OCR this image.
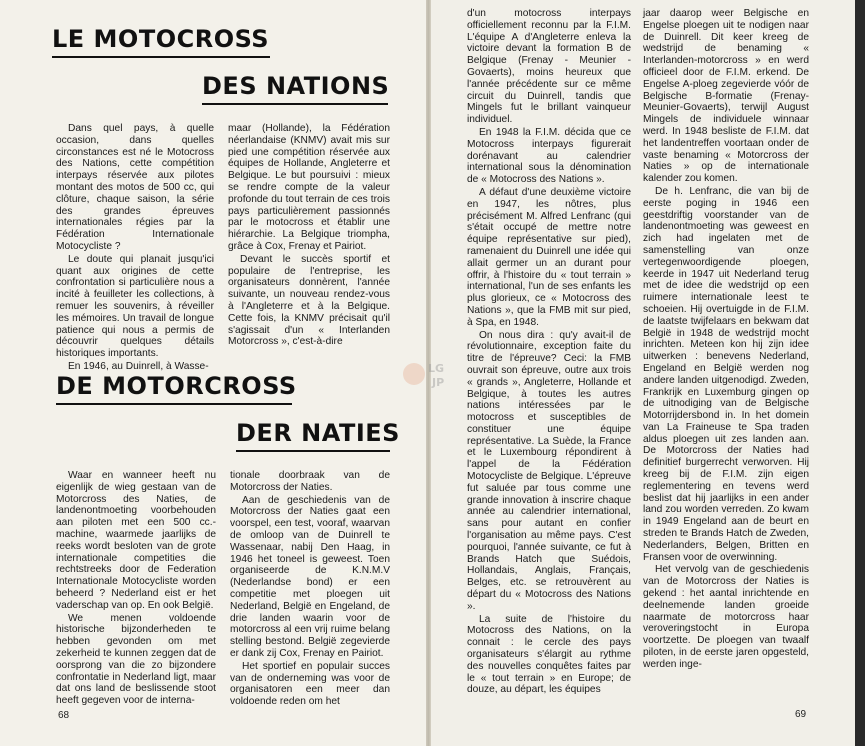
LE MOTOCROSS
DES NATIONS

Dans quel pays, à quelle occasion, dans quelles circonstances est né le Motocross des Nations, cette compétition interpays réservée aux pilotes montant des motos de 500 cc, qui clôture, chaque saison, la série des grandes épreuves internationales régies par la Fédération Internationale Motocycliste ?

Le doute qui planait jusqu'ici quant aux origines de cette confrontation si particulière nous a incité à feuilleter les collections, à remuer les souvenirs, à réveiller les mémoires. Un travail de longue patience qui nous a permis de découvrir quelques détails historiques importants.

En 1946, au Duinrell, à Wasse-

maar (Hollande), la Fédération néerlandaise (KNMV) avait mis sur pied une compétition réservée aux équipes de Hollande, Angleterre et Belgique. Le but poursuivi : mieux se rendre compte de la valeur profonde du tout terrain de ces trois pays particulièrement passionnés par le motocross et établir une hiérarchie. La Belgique triompha, grâce à Cox, Frenay et Pairiot.

Devant le succès sportif et populaire de l'entreprise, les organisateurs donnèrent, l'année suivante, un nouveau rendez-vous à l'Angleterre et à la Belgique. Cette fois, la KNMV précisait qu'il s'agissait d'un « Interlanden Motorcross », c'est-à-dire

DE MOTORCROSS
DER NATIES

Waar en wanneer heeft nu eigenlijk de wieg gestaan van de Motorcross des Naties, de landenontmoeting voorbehouden aan piloten met een 500 cc.-machine, waarmede jaarlijks de reeks wordt besloten van de grote internationale competities die rechtstreeks door de Federation Internationale Motocycliste worden beheerd ? Nederland eist er het vaderschap van op. En ook België.

We menen voldoende historische bijzonderheden te hebben gevonden om met zekerheid te kunnen zeggen dat de oorsprong van die zo bijzondere confrontatie in Nederland ligt, maar dat ons land de beslissende stoot heeft gegeven voor de interna-

tionale doorbraak van de Motorcross der Naties.

Aan de geschiedenis van de Motorcross der Naties gaat een voorspel, een test, vooraf, waarvan de omloop van de Duinrell te Wassenaar, nabij Den Haag, in 1946 het toneel is geweest. Toen organiseerde de K.N.M.V (Nederlandse bond) er een competitie met ploegen uit Nederland, België en Engeland, de drie landen waarin voor de motorcross al een vrij ruime belang stelling bestond. België zegevierde er dank zij Cox, Frenay en Pairiot.

Het sportief en populair succes van de onderneming was voor de organisatoren een meer dan voldoende reden om het

68

d'un motocross interpays officiellement reconnu par la F.I.M. L'équipe A d'Angleterre enleva la victoire devant la formation B de Belgique (Frenay - Meunier - Govaerts), moins heureux que l'année précédente sur ce même circuit du Duinrell, tandis que Mingels fut le brillant vainqueur individuel.

En 1948 la F.I.M. décida que ce Motocross interpays figurerait dorénavant au calendrier international sous la dénomination de « Motocross des Nations ».

A défaut d'une deuxième victoire en 1947, les nôtres, plus précisément M. Alfred Lenfranc (qui s'était occupé de mettre notre équipe représentative sur pied), ramenaient du Duinrell une idée qui allait germer un an durant pour offrir, à l'histoire du « tout terrain » international, l'un de ses enfants les plus glorieux, ce « Motocross des Nations », que la FMB mit sur pied, à Spa, en 1948.

On nous dira : qu'y avait-il de révolutionnaire, exception faite du titre de l'épreuve? Ceci: la FMB ouvrait son épreuve, outre aux trois « grands », Angleterre, Hollande et Belgique, à toutes les autres nations intéressées par le motocross et susceptibles de constituer une équipe représentative. La Suède, la France et le Luxembourg répondirent à l'appel de la Fédération Motocycliste de Belgique. L'épreuve fut saluée par tous comme une grande innovation à inscrire chaque année au calendrier international, sans pour autant en confier l'organisation au même pays. C'est pourquoi, l'année suivante, ce fut à Brands Hatch que Suédois, Hollandais, Anglais, Français, Belges, etc. se retrouvèrent au départ du « Motocross des Nations ».

La suite de l'histoire du Motocross des Nations, on la connait : le cercle des pays organisateurs s'élargit au rythme des nouvelles conquêtes faites par le « tout terrain » en Europe; de douze, au départ, les équipes

jaar daarop weer Belgische en Engelse ploegen uit te nodigen naar de Duinrell. Dit keer kreeg de wedstrijd de benaming « Interlanden-motorcross » en werd officieel door de F.I.M. erkend. De Engelse A-ploeg zegevierde vóór de Belgische B-formatie (Frenay-Meunier-Govaerts), terwijl August Mingels de individuele winnaar werd. In 1948 besliste de F.I.M. dat het landentreffen voortaan onder de vaste benaming « Motorcross der Naties » op de internationale kalender zou komen.

De h. Lenfranc, die van bij de eerste poging in 1946 een geestdriftig voorstander van de landenontmoeting was geweest en zich had ingelaten met de samenstelling van onze vertegenwoordigende ploegen, keerde in 1947 uit Nederland terug met de idee die wedstrijd op een ruimere internationale leest te schoeien. Hij overtuigde in de F.I.M. de laatste twijfelaars en bekwam dat België in 1948 de wedstrijd mocht inrichten. Meteen kon hij zijn idee uitwerken : benevens Nederland, Engeland en België werden nog andere landen uitgenodigd. Zweden, Frankrijk en Luxemburg gingen op de uitnodiging van de Belgische Motorrijdersbond in. In het domein van La Fraineuse te Spa traden aldus ploegen uit zes landen aan. De Motorcross der Naties had definitief burgerrecht verworven. Hij kreeg bij de F.I.M. zijn eigen reglementering en tevens werd beslist dat hij jaarlijks in een ander land zou worden verreden. Zo kwam in 1949 Engeland aan de beurt en streden te Brands Hatch de Zweden, Nederlanders, Belgen, Britten en Fransen voor de overwinning.

Het vervolg van de geschiedenis van de Motorcross der Naties is gekend : het aantal inrichtende en deelnemende landen groeide naarmate de motorcross haar veroveringstocht in Europa voortzette. De ploegen van twaalf piloten, in de eerste jaren opgesteld, werden inge-

69
LG
JP
